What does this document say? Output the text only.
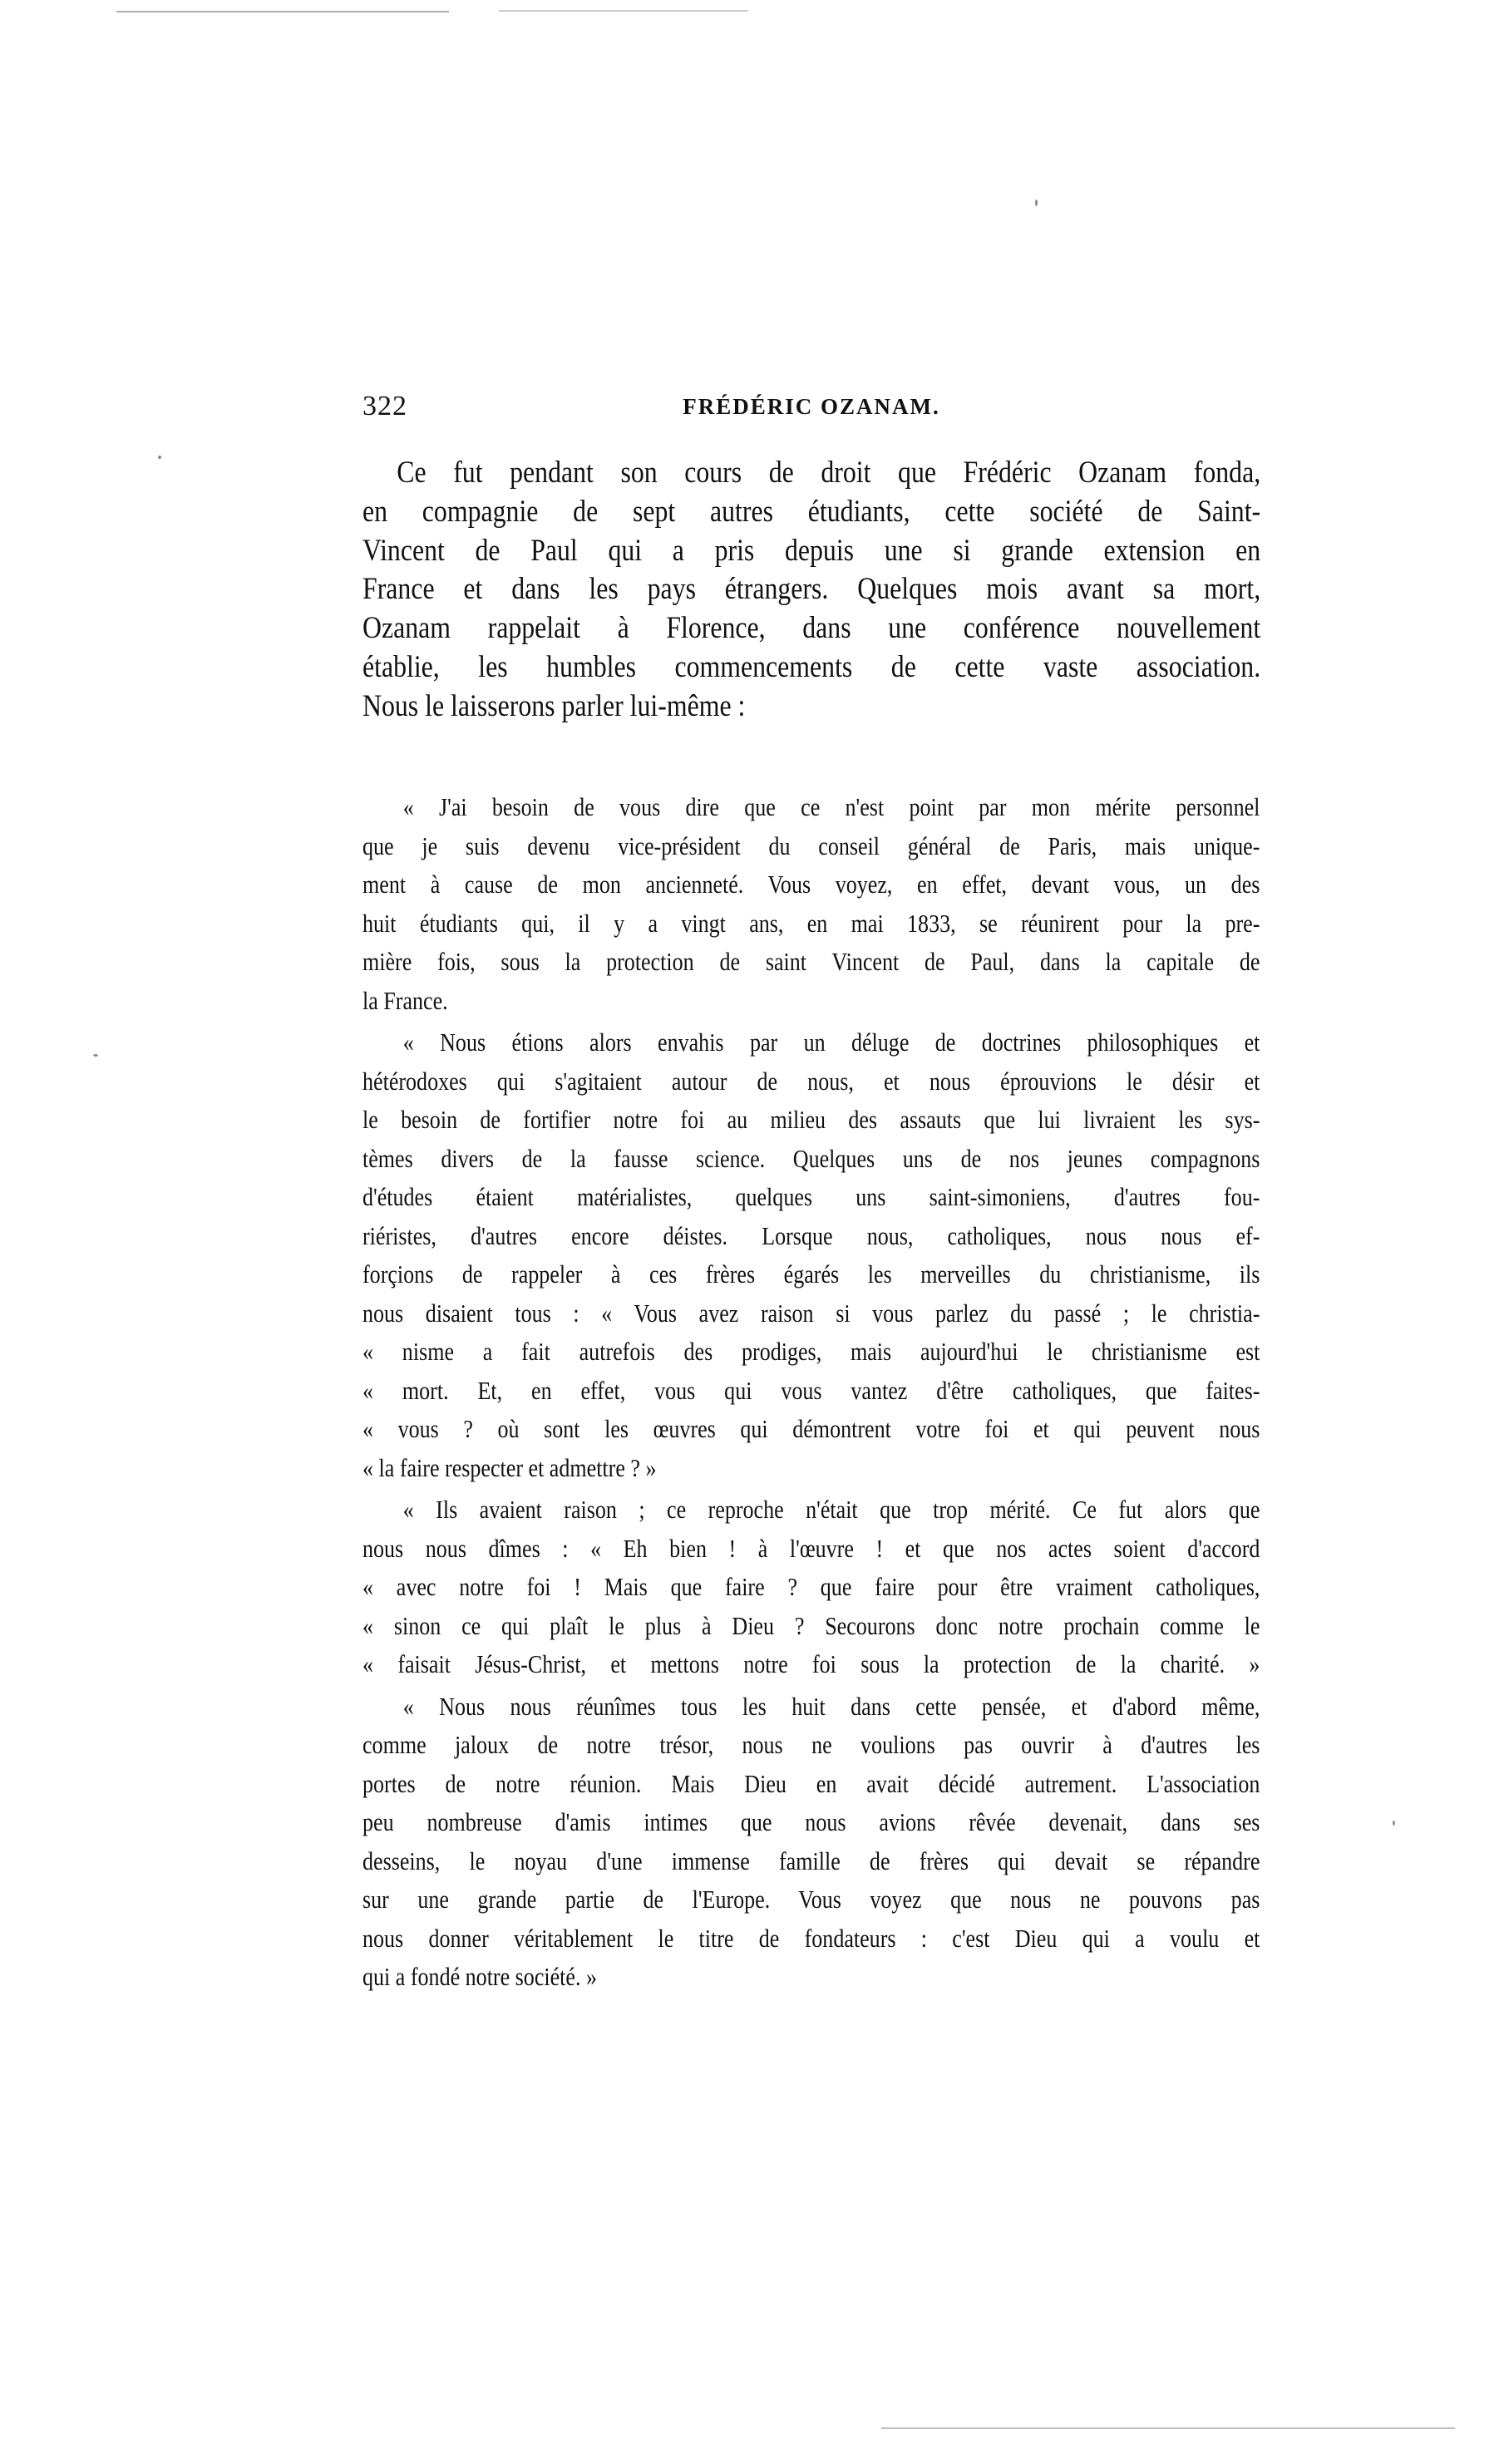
322	FRÉDÉRIC OZANAM.

Ce fut pendant son cours de droit que Frédéric Ozanam fonda,
en compagnie de sept autres étudiants, cette société de Saint-
Vincent de Paul qui a pris depuis une si grande extension en
France et dans les pays étrangers. Quelques mois avant sa mort,
Ozanam rappelait à Florence, dans une conférence nouvellement
établie, les humbles commencements de cette vaste association.
Nous le laisserons parler lui-même :

« J'ai besoin de vous dire que ce n'est point par mon mérite personnel
que je suis devenu vice-président du conseil général de Paris, mais unique-
ment à cause de mon ancienneté. Vous voyez, en effet, devant vous, un des
huit étudiants qui, il y a vingt ans, en mai 1833, se réunirent pour la pre-
mière fois, sous la protection de saint Vincent de Paul, dans la capitale de
la France.

« Nous étions alors envahis par un déluge de doctrines philosophiques et
hétérodoxes qui s'agitaient autour de nous, et nous éprouvions le désir et
le besoin de fortifier notre foi au milieu des assauts que lui livraient les sys-
tèmes divers de la fausse science. Quelques uns de nos jeunes compagnons
d'études étaient matérialistes, quelques uns saint-simoniens, d'autres fou-
riéristes, d'autres encore déistes. Lorsque nous, catholiques, nous nous ef-
forçions de rappeler à ces frères égarés les merveilles du christianisme, ils
nous disaient tous : « Vous avez raison si vous parlez du passé ; le christia-
« nisme a fait autrefois des prodiges, mais aujourd'hui le christianisme est
« mort. Et, en effet, vous qui vous vantez d'être catholiques, que faites-
« vous ? où sont les œuvres qui démontrent votre foi et qui peuvent nous
« la faire respecter et admettre ? »

« Ils avaient raison ; ce reproche n'était que trop mérité. Ce fut alors que
nous nous dîmes : « Eh bien ! à l'œuvre ! et que nos actes soient d'accord
« avec notre foi ! Mais que faire ? que faire pour être vraiment catholiques,
« sinon ce qui plaît le plus à Dieu ? Secourons donc notre prochain comme le
« faisait Jésus-Christ, et mettons notre foi sous la protection de la charité. »

« Nous nous réunîmes tous les huit dans cette pensée, et d'abord même,
comme jaloux de notre trésor, nous ne voulions pas ouvrir à d'autres les
portes de notre réunion. Mais Dieu en avait décidé autrement. L'association
peu nombreuse d'amis intimes que nous avions rêvée devenait, dans ses
desseins, le noyau d'une immense famille de frères qui devait se répandre
sur une grande partie de l'Europe. Vous voyez que nous ne pouvons pas
nous donner véritablement le titre de fondateurs : c'est Dieu qui a voulu et
qui a fondé notre société. »
